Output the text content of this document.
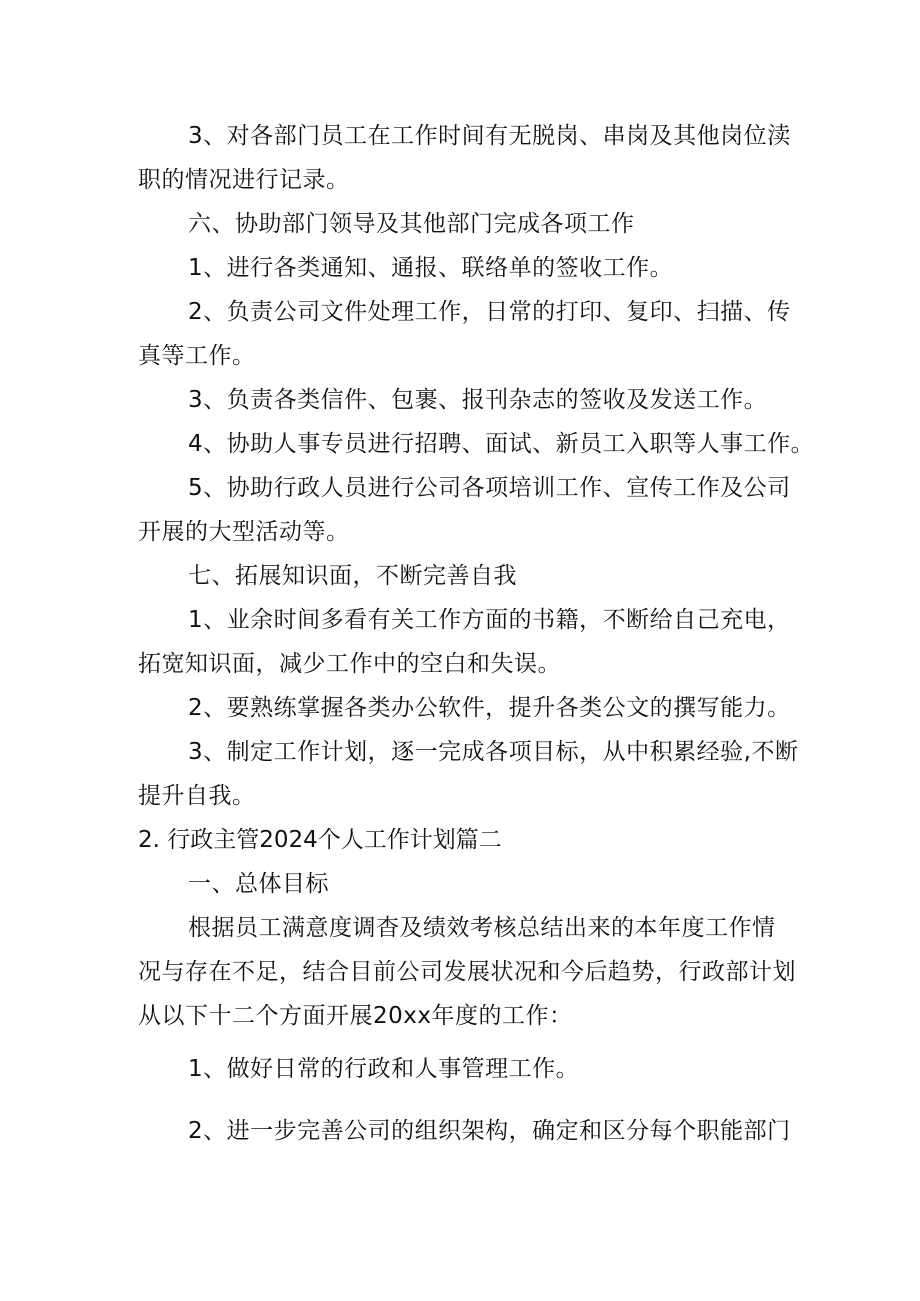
3、对各部门员工在工作时间有无脱岗、串岗及其他岗位渎
职的情况进行记录。
六、协助部门领导及其他部门完成各项工作
1、进行各类通知、通报、联络单的签收工作。
2、负责公司文件处理工作，日常的打印、复印、扫描、传
真等工作。
3、负责各类信件、包裹、报刊杂志的签收及发送工作。
4、协助人事专员进行招聘、面试、新员工入职等人事工作。
5、协助行政人员进行公司各项培训工作、宣传工作及公司
开展的大型活动等。
七、拓展知识面，不断完善自我
1、业余时间多看有关工作方面的书籍，不断给自己充电，
拓宽知识面，减少工作中的空白和失误。
2、要熟练掌握各类办公软件，提升各类公文的撰写能力。
3、制定工作计划，逐一完成各项目标，从中积累经验,不断
提升自我。
2. 行政主管2024个人工作计划篇二
一、总体目标
根据员工满意度调杳及绩效考核总结出来的本年度工作情
况与存在不足，结合目前公司发展状况和今后趋势，行政部计划
从以下十二个方面开展20xx年度的工作：
1、做好日常的行政和人事管理工作。
2、进一步完善公司的组织架构，确定和区分每个职能部门
